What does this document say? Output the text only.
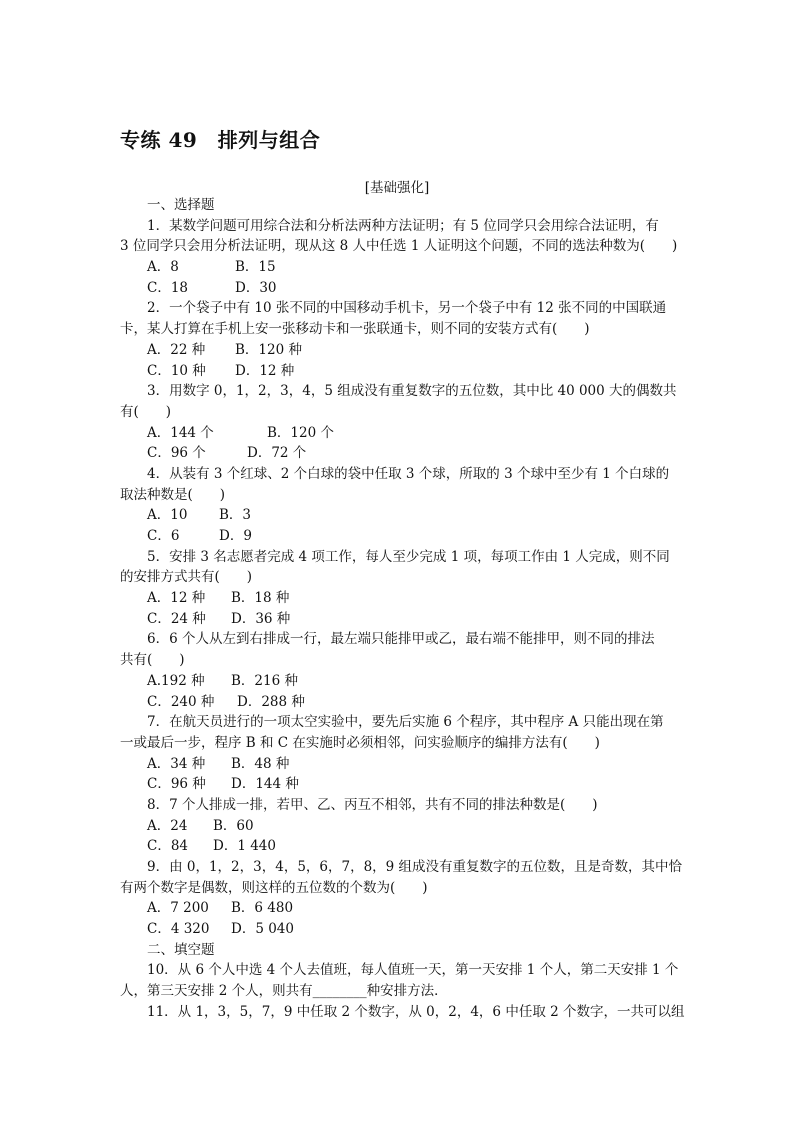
专练 49　排列与组合
[基础强化]
一、选择题
1．某数学问题可用综合法和分析法两种方法证明；有 5 位同学只会用综合法证明，有
3 位同学只会用分析法证明，现从这 8 人中任选 1 人证明这个问题，不同的选法种数为(　　)
A．8	B．15
C．18	D．30
2．一个袋子中有 10 张不同的中国移动手机卡，另一个袋子中有 12 张不同的中国联通
卡，某人打算在手机上安一张移动卡和一张联通卡，则不同的安装方式有(　　)
A．22 种 B．120 种
C．10 种 D．12 种
3．用数字 0，1，2，3，4，5 组成没有重复数字的五位数，其中比 40 000 大的偶数共
有(　　)
A．144 个	B．120 个
C．96 个	D．72 个
4．从装有 3 个红球、2 个白球的袋中任取 3 个球，所取的 3 个球中至少有 1 个白球的
取法种数是(　　)
A．10 B．3
C．6	D．9
5．安排 3 名志愿者完成 4 项工作，每人至少完成 1 项，每项工作由 1 人完成，则不同
的安排方式共有(　　)
A．12 种 B．18 种
C．24 种 D．36 种
6．6 个人从左到右排成一行，最左端只能排甲或乙，最右端不能排甲，则不同的排法
共有(　　)
A.192 种 B．216 种
C．240 种 D．288 种
7．在航天员进行的一项太空实验中，要先后实施 6 个程序，其中程序 A 只能出现在第
一或最后一步，程序 B 和 C 在实施时必须相邻，问实验顺序的编排方法有(　　)
A．34 种 B．48 种
C．96 种 D．144 种
8．7 个人排成一排，若甲、乙、丙互不相邻，共有不同的排法种数是(　　)
A．24 B．60
C．84 D．1 440
9．由 0，1，2，3，4，5，6，7，8，9 组成没有重复数字的五位数，且是奇数，其中恰
有两个数字是偶数，则这样的五位数的个数为(　　)
A．7 200 B．6 480
C．4 320 D．5 040
二、填空题
10．从 6 个人中选 4 个人去值班，每人值班一天，第一天安排 1 个人，第二天安排 1 个
人，第三天安排 2 个人，则共有________种安排方法．
11．从 1，3，5，7，9 中任取 2 个数字，从 0，2，4，6 中任取 2 个数字，一共可以组
